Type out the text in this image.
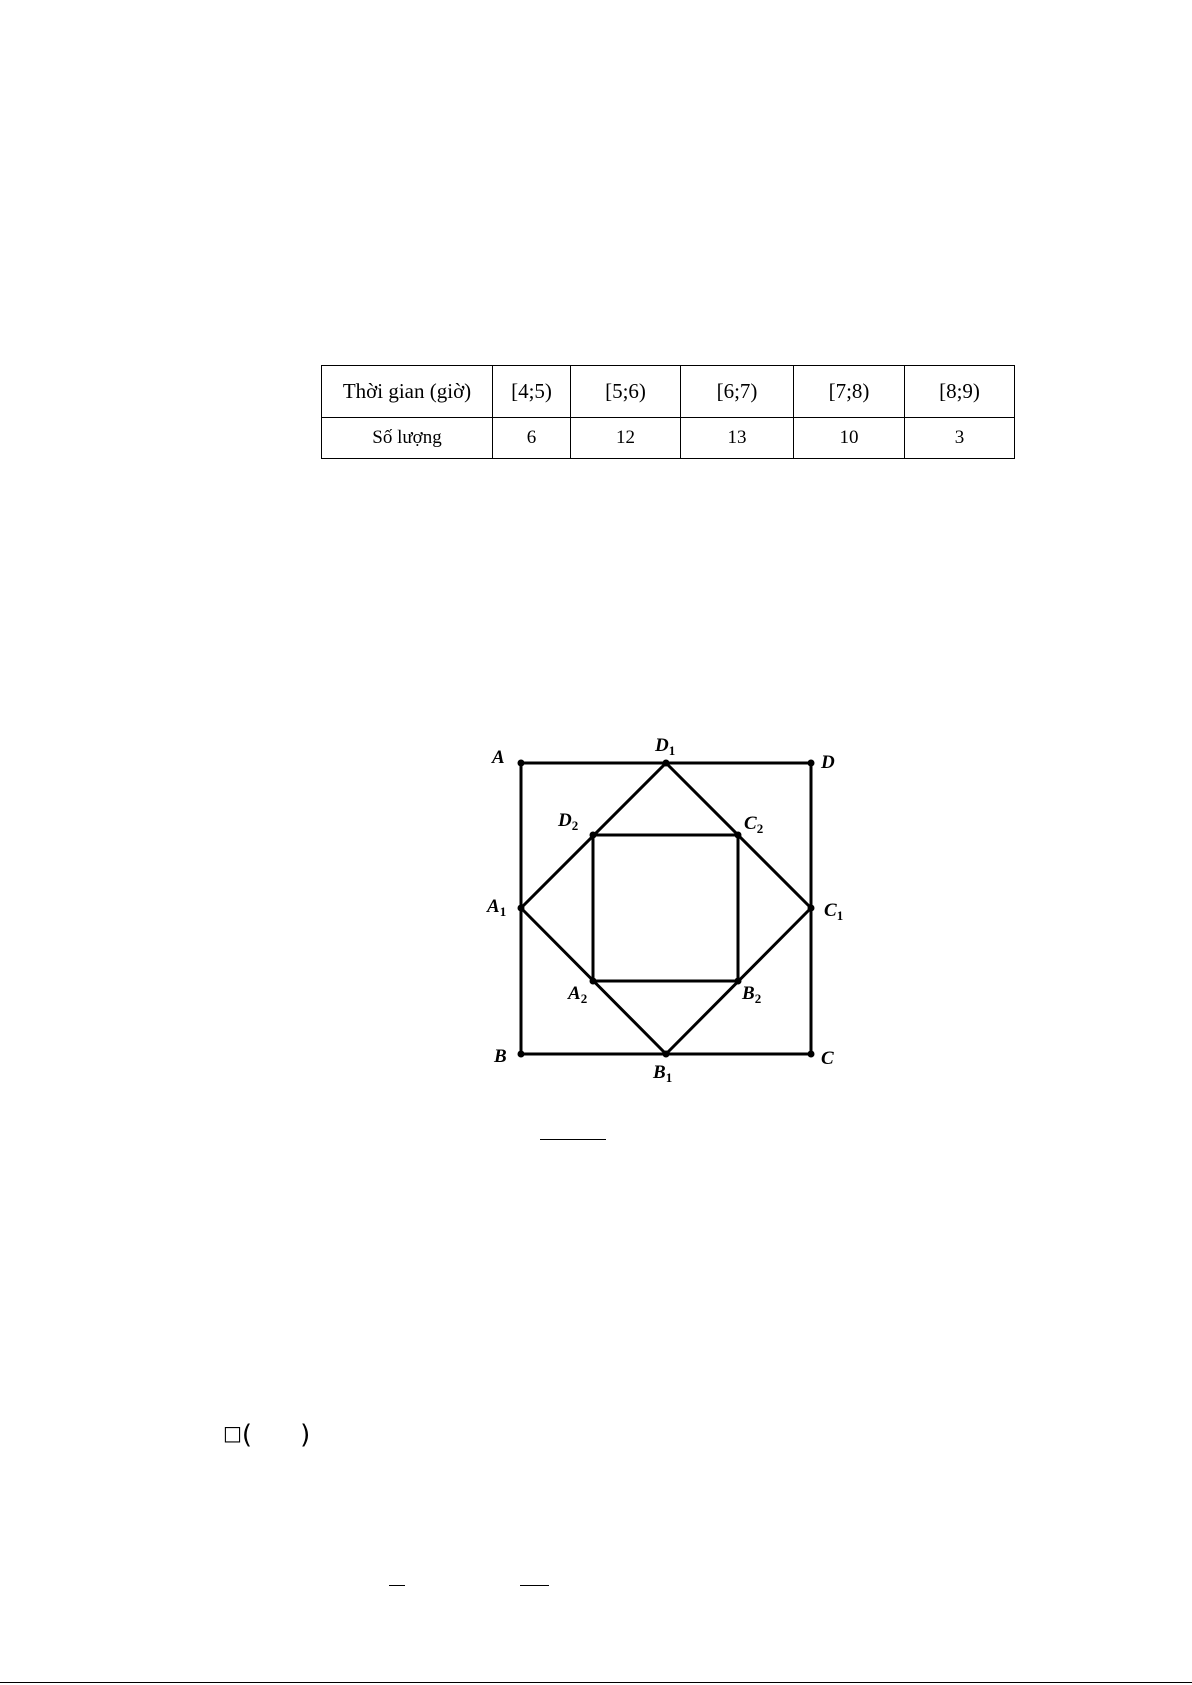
Thời gian (giờ)	[4;5)	[5;6)	[6;7)	[7;8)	[8;9)
Số lượng	6	12	13	10	3
A	D
B	C
$D_1$
$B_1$
$A_1$	$C_1$
$D_2$	$C_2$
$A_2$	$B_2$
□( )
